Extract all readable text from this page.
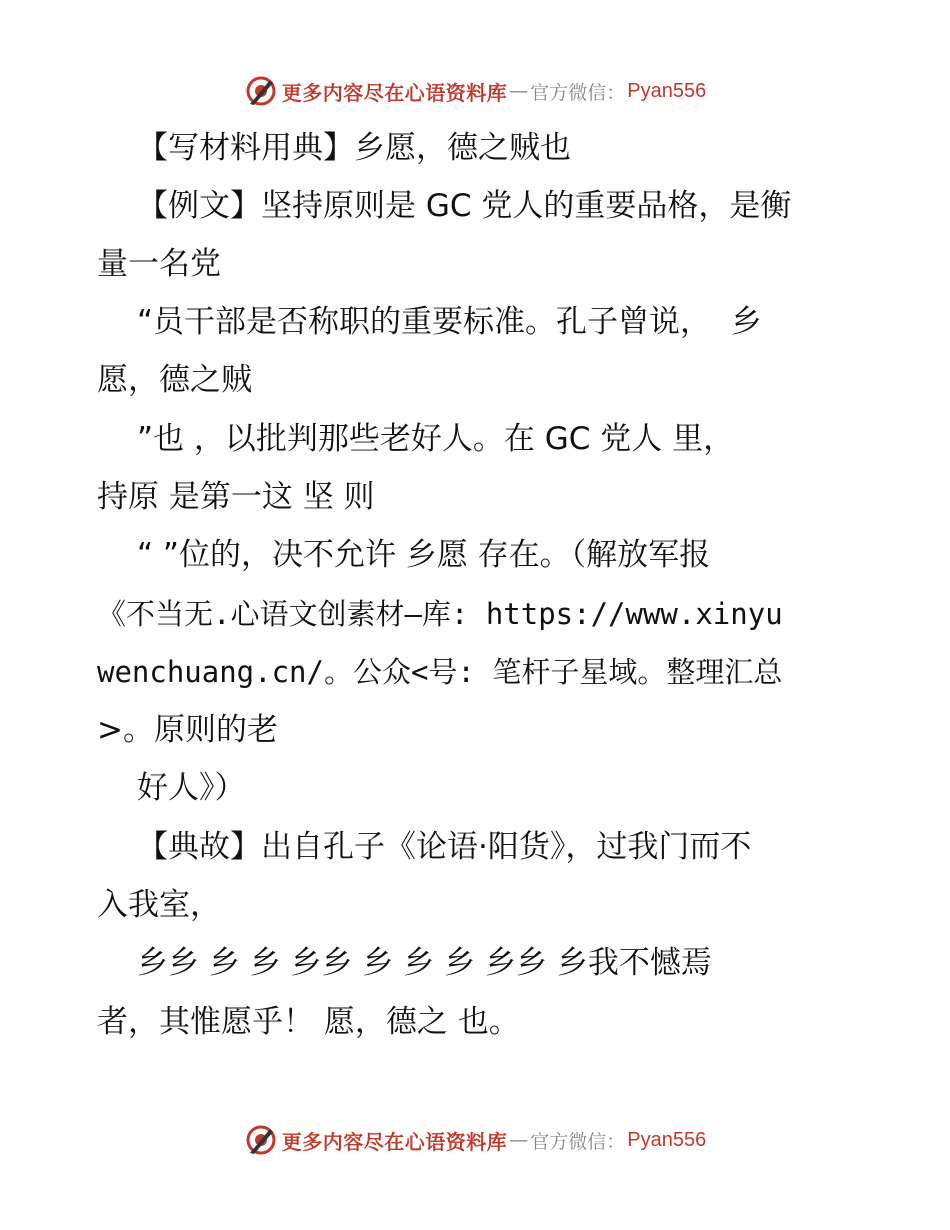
更多内容尽在心语资料库 — 官方微信： Pyan556
【写材料用典】乡愿，德之贼也
【例文】坚持原则是 GC 党人的重要品格，是衡
量一名党
“员干部是否称职的重要标准。孔子曾说，  乡
愿，德之贼
”也 ，以批判那些老好人。在 GC 党人 里，
持原 是第一这 坚 则
“ ”位的，决不允许 乡愿 存在。（解放军报
《不当无.心语文创素材—库: https://www.xinyu
wenchuang.cn/。公众<号: 笔杆子星域。整理汇总
>。原则的老
好人》）
【典故】出自孔子《论语·阳货》，过我门而不
入我室，
乡乡 乡 乡 乡乡 乡 乡 乡 乡乡 乡我不憾焉
者，其惟愿乎！ 愿，德之 也。
更多内容尽在心语资料库 — 官方微信： Pyan556
